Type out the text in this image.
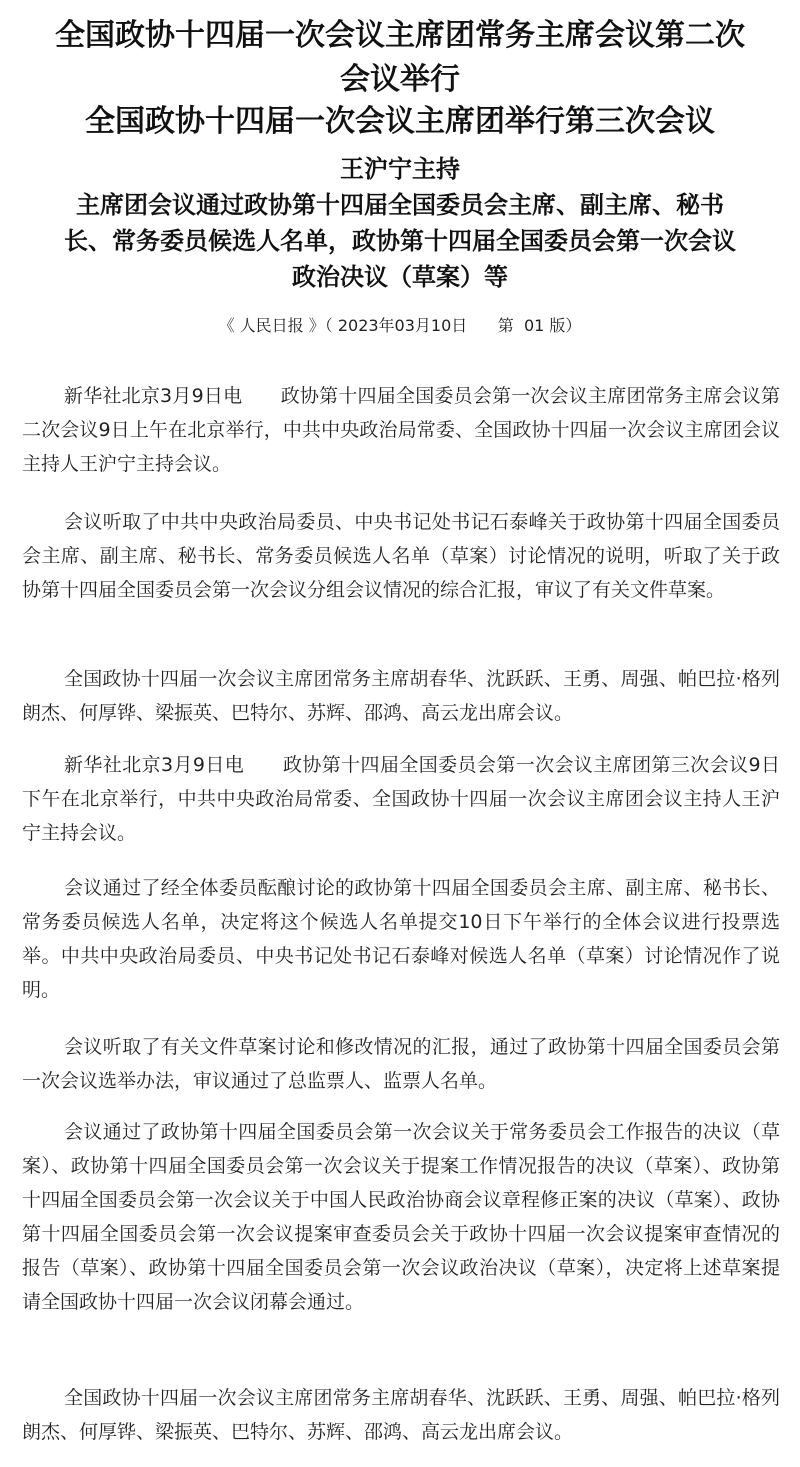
全国政协十四届一次会议主席团常务主席会议第二次
会议举行
全国政协十四届一次会议主席团举行第三次会议
王沪宁主持
主席团会议通过政协第十四届全国委员会主席、副主席、秘书
长、常务委员候选人名单，政协第十四届全国委员会第一次会议
政治决议（草案）等
《 人民日报 》（ 2023年03月10日 第  01 版）

新华社北京3月9日电　　政协第十四届全国委员会第一次会议主席团常务主席会议第二次会议9日上午在北京举行，中共中央政治局常委、全国政协十四届一次会议主席团会议主持人王沪宁主持会议。

会议听取了中共中央政治局委员、中央书记处书记石泰峰关于政协第十四届全国委员会主席、副主席、秘书长、常务委员候选人名单（草案）讨论情况的说明，听取了关于政协第十四届全国委员会第一次会议分组会议情况的综合汇报，审议了有关文件草案。

全国政协十四届一次会议主席团常务主席胡春华、沈跃跃、王勇、周强、帕巴拉·格列朗杰、何厚铧、梁振英、巴特尔、苏辉、邵鸿、高云龙出席会议。

新华社北京3月9日电　　政协第十四届全国委员会第一次会议主席团第三次会议9日下午在北京举行，中共中央政治局常委、全国政协十四届一次会议主席团会议主持人王沪宁主持会议。

会议通过了经全体委员酝酿讨论的政协第十四届全国委员会主席、副主席、秘书长、常务委员候选人名单，决定将这个候选人名单提交10日下午举行的全体会议进行投票选举。中共中央政治局委员、中央书记处书记石泰峰对候选人名单（草案）讨论情况作了说明。

会议听取了有关文件草案讨论和修改情况的汇报，通过了政协第十四届全国委员会第一次会议选举办法，审议通过了总监票人、监票人名单。

会议通过了政协第十四届全国委员会第一次会议关于常务委员会工作报告的决议（草案）、政协第十四届全国委员会第一次会议关于提案工作情况报告的决议（草案）、政协第十四届全国委员会第一次会议关于中国人民政治协商会议章程修正案的决议（草案）、政协第十四届全国委员会第一次会议提案审查委员会关于政协十四届一次会议提案审查情况的报告（草案）、政协第十四届全国委员会第一次会议政治决议（草案），决定将上述草案提请全国政协十四届一次会议闭幕会通过。

全国政协十四届一次会议主席团常务主席胡春华、沈跃跃、王勇、周强、帕巴拉·格列朗杰、何厚铧、梁振英、巴特尔、苏辉、邵鸿、高云龙出席会议。
